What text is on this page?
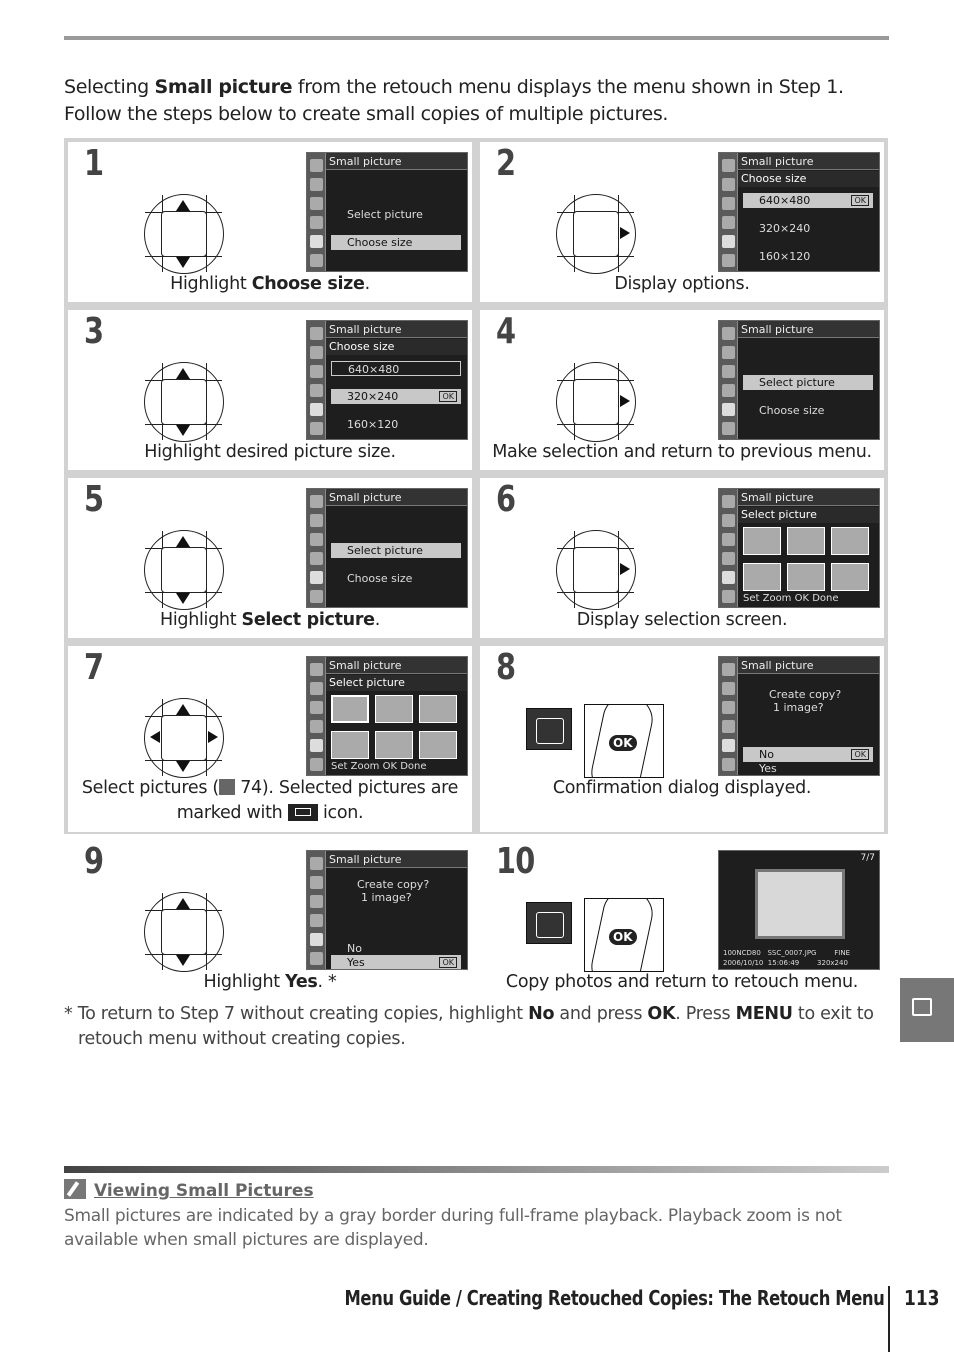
Selecting Small picture from the retouch menu displays the menu shown in Step 1. Follow the steps below to create small copies of multiple pictures.

1	Small picture
Select picture
Choose size
Highlight Choose size.
2	Small picture
Choose size
640×480	OK
320×240
160×120
Display options.
3	Small picture
Choose size
640×480
320×240	OK
160×120
Highlight desired picture size.
4	Small picture
Select picture
Choose size
Make selection and return to previous menu.
5	Small picture
Select picture
Choose size
Highlight Select picture.
6	Small picture
Select picture
Set Zoom OK Done
Display selection screen.
7	Small picture
Select picture
Set Zoom OK Done
Select pictures ( 74). Selected pictures are
marked with
icon.
8
OK
Small picture
Create copy?
1 image?
No	OK
Yes
Confirmation dialog displayed.
9	Small picture
Create copy?
1 image?
No
Yes	OK
Highlight Yes. *
10
OK
7/7
100NCD80   SSC_0007.JPG        FINE
2006/10/10  15:06:49        320x240
Copy photos and return to retouch menu.

* To return to Step 7 without creating copies, highlight No and press OK. Press MENU to exit to retouch menu without creating copies.

Viewing Small Pictures

Small pictures are indicated by a gray border during full-frame playback. Playback zoom is not available when small pictures are displayed.

Menu Guide / Creating Retouched Copies: The Retouch Menu 113
